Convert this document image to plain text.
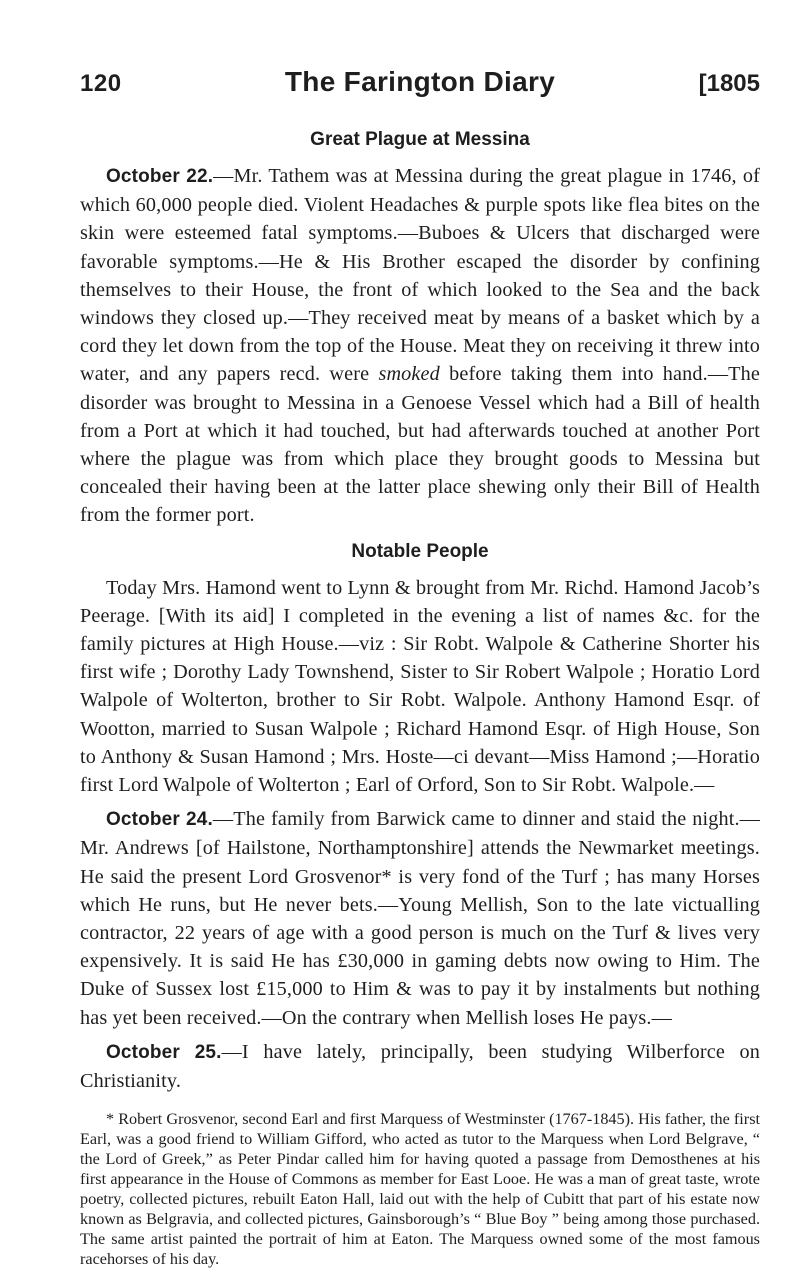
120	The Farington Diary	[1805
Great Plague at Messina

October 22.—Mr. Tathem was at Messina during the great plague in 1746, of which 60,000 people died. Violent Headaches & purple spots like flea bites on the skin were esteemed fatal symptoms.—Buboes & Ulcers that discharged were favorable symptoms.—He & His Brother escaped the disorder by confining themselves to their House, the front of which looked to the Sea and the back windows they closed up.—They received meat by means of a basket which by a cord they let down from the top of the House. Meat they on receiving it threw into water, and any papers recd. were smoked before taking them into hand.—The disorder was brought to Messina in a Genoese Vessel which had a Bill of health from a Port at which it had touched, but had afterwards touched at another Port where the plague was from which place they brought goods to Messina but concealed their having been at the latter place shewing only their Bill of Health from the former port.

Notable People

Today Mrs. Hamond went to Lynn & brought from Mr. Richd. Hamond Jacob’s Peerage. [With its aid] I completed in the evening a list of names &c. for the family pictures at High House.—viz : Sir Robt. Walpole & Catherine Shorter his first wife ; Dorothy Lady Townshend, Sister to Sir Robert Walpole ; Horatio Lord Walpole of Wolterton, brother to Sir Robt. Walpole. Anthony Hamond Esqr. of Wootton, married to Susan Walpole ; Richard Hamond Esqr. of High House, Son to Anthony & Susan Hamond ; Mrs. Hoste—ci devant—Miss Hamond ;—Horatio first Lord Walpole of Wolterton ; Earl of Orford, Son to Sir Robt. Walpole.—

October 24.—The family from Barwick came to dinner and staid the night.—Mr. Andrews [of Hailstone, Northamptonshire] attends the Newmarket meetings. He said the present Lord Grosvenor* is very fond of the Turf ; has many Horses which He runs, but He never bets.—Young Mellish, Son to the late victualling contractor, 22 years of age with a good person is much on the Turf & lives very expensively. It is said He has £30,000 in gaming debts now owing to Him. The Duke of Sussex lost £15,000 to Him & was to pay it by instalments but nothing has yet been received.—On the contrary when Mellish loses He pays.—

October 25.—I have lately, principally, been studying Wilberforce on Christianity.

* Robert Grosvenor, second Earl and first Marquess of Westminster (1767-1845). His father, the first Earl, was a good friend to William Gifford, who acted as tutor to the Marquess when Lord Belgrave, “ the Lord of Greek,” as Peter Pindar called him for having quoted a passage from Demosthenes at his first appearance in the House of Commons as member for East Looe. He was a man of great taste, wrote poetry, collected pictures, rebuilt Eaton Hall, laid out with the help of Cubitt that part of his estate now known as Belgravia, and collected pictures, Gainsborough’s “ Blue Boy ” being among those purchased. The same artist painted the portrait of him at Eaton. The Marquess owned some of the most famous racehorses of his day.
